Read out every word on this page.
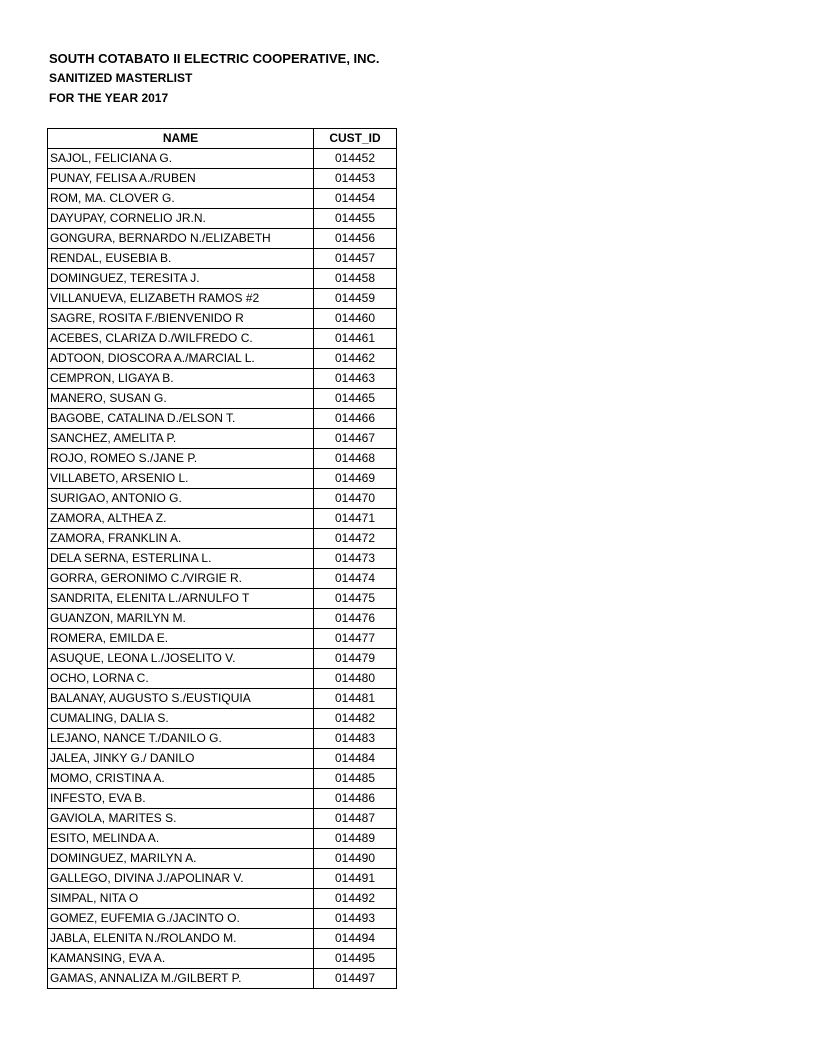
SOUTH COTABATO II ELECTRIC COOPERATIVE, INC.
SANITIZED MASTERLIST
FOR THE YEAR 2017
NAME	CUST_ID
SAJOL, FELICIANA G.	014452
PUNAY, FELISA A./RUBEN	014453
ROM, MA. CLOVER G.	014454
DAYUPAY, CORNELIO JR.N.	014455
GONGURA, BERNARDO N./ELIZABETH	014456
RENDAL, EUSEBIA B.	014457
DOMINGUEZ, TERESITA J.	014458
VILLANUEVA, ELIZABETH RAMOS #2	014459
SAGRE, ROSITA F./BIENVENIDO R	014460
ACEBES, CLARIZA D./WILFREDO C.	014461
ADTOON, DIOSCORA A./MARCIAL L.	014462
CEMPRON, LIGAYA B.	014463
MANERO, SUSAN G.	014465
BAGOBE, CATALINA D./ELSON T.	014466
SANCHEZ, AMELITA P.	014467
ROJO, ROMEO S./JANE P.	014468
VILLABETO, ARSENIO L.	014469
SURIGAO, ANTONIO G.	014470
ZAMORA, ALTHEA Z.	014471
ZAMORA, FRANKLIN A.	014472
DELA SERNA, ESTERLINA L.	014473
GORRA, GERONIMO C./VIRGIE R.	014474
SANDRITA, ELENITA L./ARNULFO T	014475
GUANZON, MARILYN M.	014476
ROMERA, EMILDA E.	014477
ASUQUE, LEONA L./JOSELITO V.	014479
OCHO, LORNA C.	014480
BALANAY, AUGUSTO S./EUSTIQUIA	014481
CUMALING, DALIA S.	014482
LEJANO, NANCE T./DANILO G.	014483
JALEA, JINKY G./ DANILO	014484
MOMO, CRISTINA A.	014485
INFESTO, EVA B.	014486
GAVIOLA, MARITES S.	014487
ESITO, MELINDA A.	014489
DOMINGUEZ, MARILYN A.	014490
GALLEGO, DIVINA J./APOLINAR V.	014491
SIMPAL, NITA O	014492
GOMEZ, EUFEMIA G./JACINTO O.	014493
JABLA, ELENITA N./ROLANDO M.	014494
KAMANSING, EVA A.	014495
GAMAS, ANNALIZA M./GILBERT P.	014497
